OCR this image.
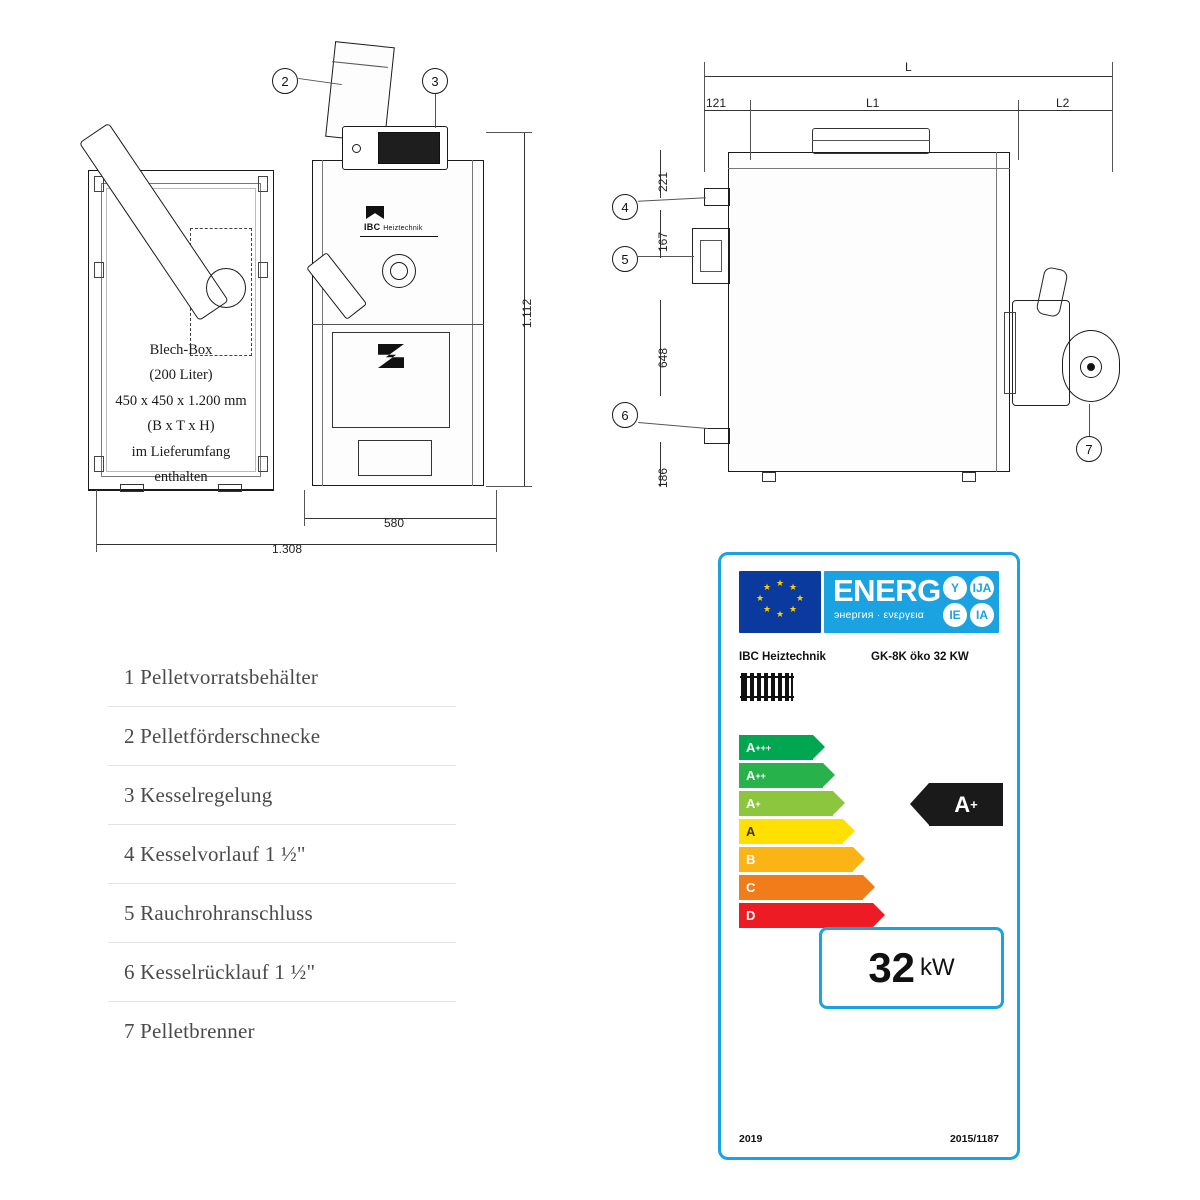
Blech-Box
(200 Liter)
450 x 450 x 1.200 mm
(B x T x H)
im Lieferumfang
enthalten
IBC Heiztechnik
2	3
1.112
580
1.308
4
5
6
7
L
121	L1	L2
221
167
648
186
1 Pelletvorratsbehälter
2 Pelletförderschnecke
3 Kesselregelung
4 Kesselvorlauf 1 ½"
5 Rauchrohranschluss
6 Kesselrücklauf 1 ½"
7 Pelletbrenner
★ ★
★
★
★
★
★
★ ENERG
энергия · ενεργεια
Y	IJA
IE	IA
IBC Heiztechnik	GK-8K öko 32 KW
A +++
A ++
A +
A
B
C
D
A +
32 kW
2019	2015/1187
